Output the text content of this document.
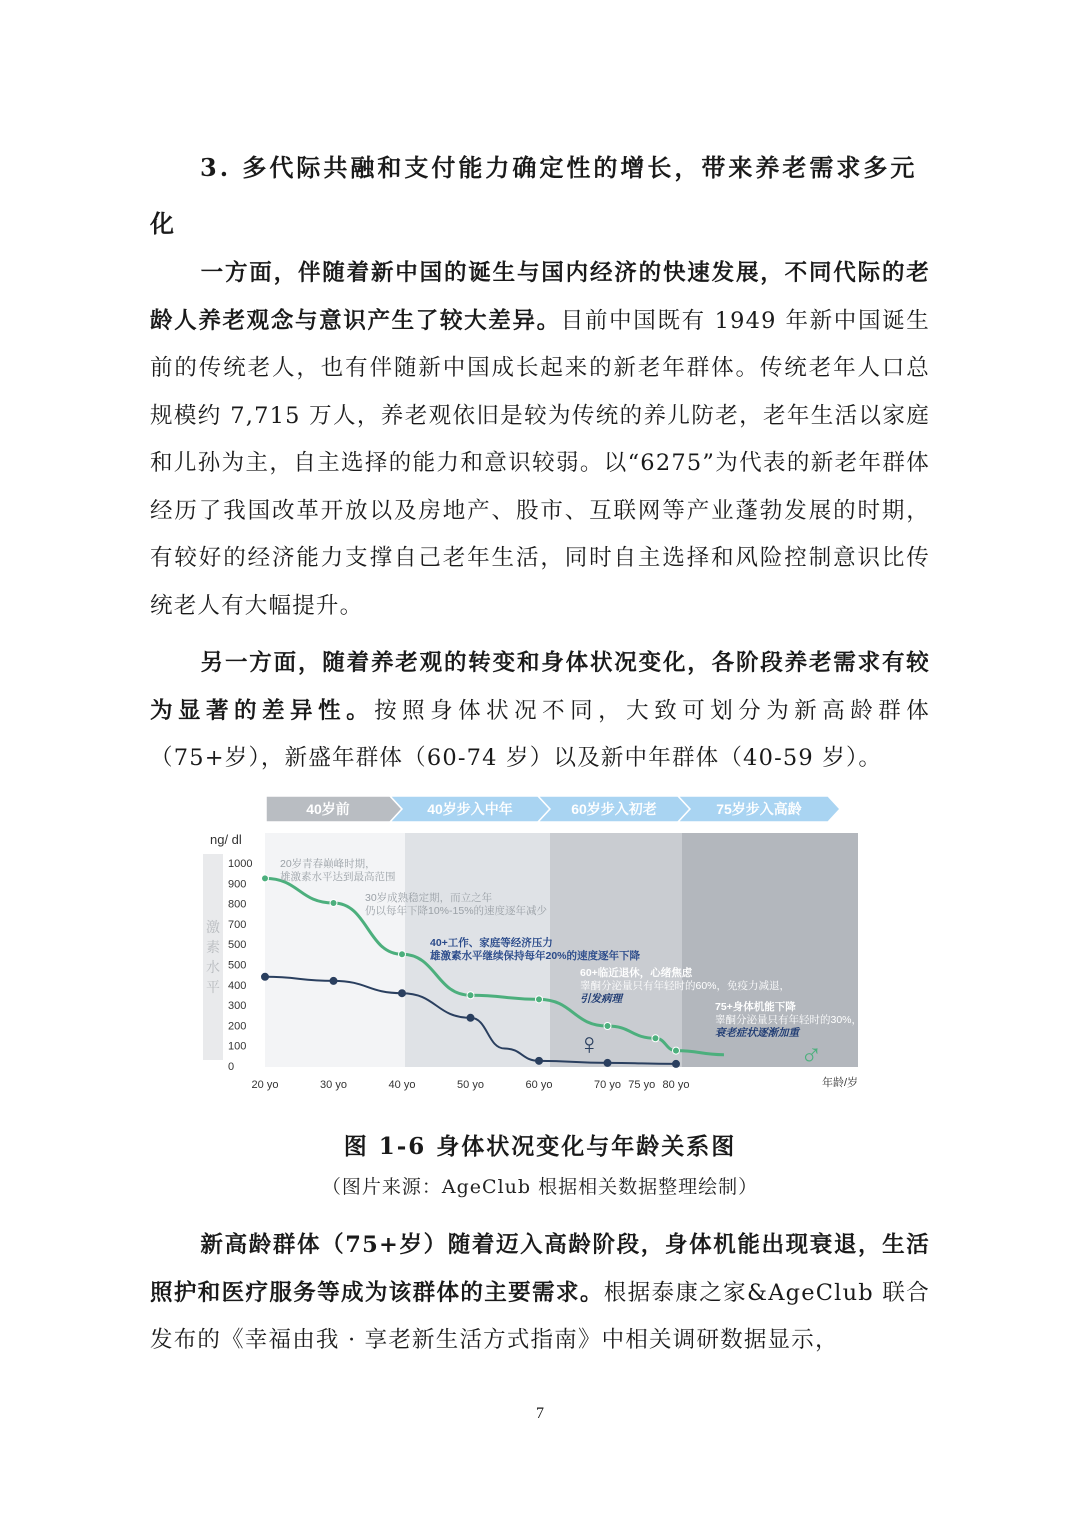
3. 多代际共融和支付能力确定性的增长，带来养老需求多元化

一方面，伴随着新中国的诞生与国内经济的快速发展，不同代际的老龄人养老观念与意识产生了较大差异。目前中国既有 1949 年新中国诞生前的传统老人，也有伴随新中国成长起来的新老年群体。传统老年人口总规模约 7,715 万人，养老观依旧是较为传统的养儿防老，老年生活以家庭和儿孙为主，自主选择的能力和意识较弱。以“6275”为代表的新老年群体经历了我国改革开放以及房地产、股市、互联网等产业蓬勃发展的时期，有较好的经济能力支撑自己老年生活，同时自主选择和风险控制意识比传统老人有大幅提升。

另一方面，随着养老观的转变和身体状况变化，各阶段养老需求有较为显著的差异性。按照身体状况不同，大致可划分为新高龄群体（75+岁），新盛年群体（60-74 岁）以及新中年群体（40-59 岁）。

40岁前	40岁步入中年	60岁步入初老	75岁步入高龄
ng/ dl
激
素
水
平
1000
900
800
700
500
500
400
300
200
100
0
20 yo	30 yo	40 yo	50 yo	60 yo	70 yo 75 yo 80 yo	年龄/岁
♂
♀
20岁青春巅峰时期，
雄激素水平达到最高范围
30岁成熟稳定期，而立之年
仍以每年下降10%-15%的速度逐年减少
40+工作、家庭等经济压力
雄激素水平继续保持每年20%的速度逐年下降
60+临近退休，心绪焦虑
睾酮分泌量只有年轻时的60%，免疫力减退，
引发病理
75+身体机能下降
睾酮分泌量只有年轻时的30%，
衰老症状逐渐加重
图 1-6 身体状况变化与年龄关系图
（图片来源：AgeClub 根据相关数据整理绘制）

新高龄群体（75+岁）随着迈入高龄阶段，身体机能出现衰退，生活照护和医疗服务等成为该群体的主要需求。根据泰康之家&AgeClub 联合发布的《幸福由我 · 享老新生活方式指南》中相关调研数据显示，

7
